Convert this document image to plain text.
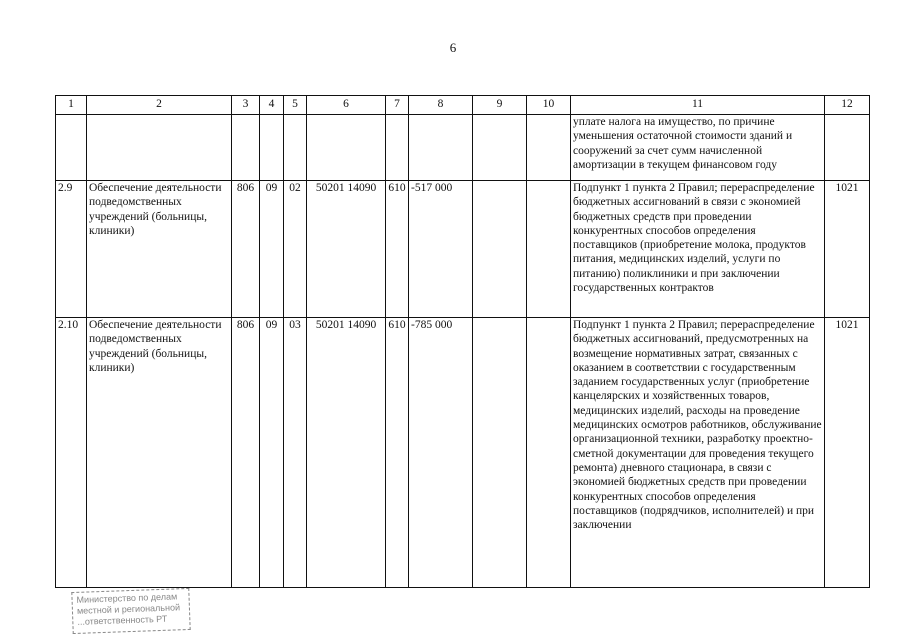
6
1	2	3	4	5	6	7	8	9	10	11	12
										уплате налога на имущество, по причине уменьшения остаточной стоимости зданий и сооружений за счет сумм начисленной амортизации в текущем финансовом году	
2.9	Обеспечение деятельности подведомственных учреждений (больницы, клиники)	806	09	02	50201 14090	610	-517 000			Подпункт 1 пункта 2 Правил; перераспределение бюджетных ассигнований в связи с экономией бюджетных средств при проведении конкурентных способов определения поставщиков (приобретение молока, продуктов питания, медицинских изделий, услуги по питанию) поликлиники и при заключении государственных контрактов	1021
2.10	Обеспечение деятельности подведомственных учреждений (больницы, клиники)	806	09	03	50201 14090	610	-785 000			Подпункт 1 пункта 2 Правил; перераспределение бюджетных ассигнований, предусмотренных на возмещение нормативных затрат, связанных с оказанием в соответствии с государственным заданием государственных услуг (приобретение канцелярских и хозяйственных товаров, медицинских изделий, расходы на проведение медицинских осмотров работников, обслуживание организационной техники, разработку проектно-сметной документации для проведения текущего ремонта) дневного стационара, в связи с экономией бюджетных средств при проведении конкурентных способов определения поставщиков (подрядчиков, исполнителей) и при заключении	1021
Министерство по делам
местной и региональной
...ответственность РТ
